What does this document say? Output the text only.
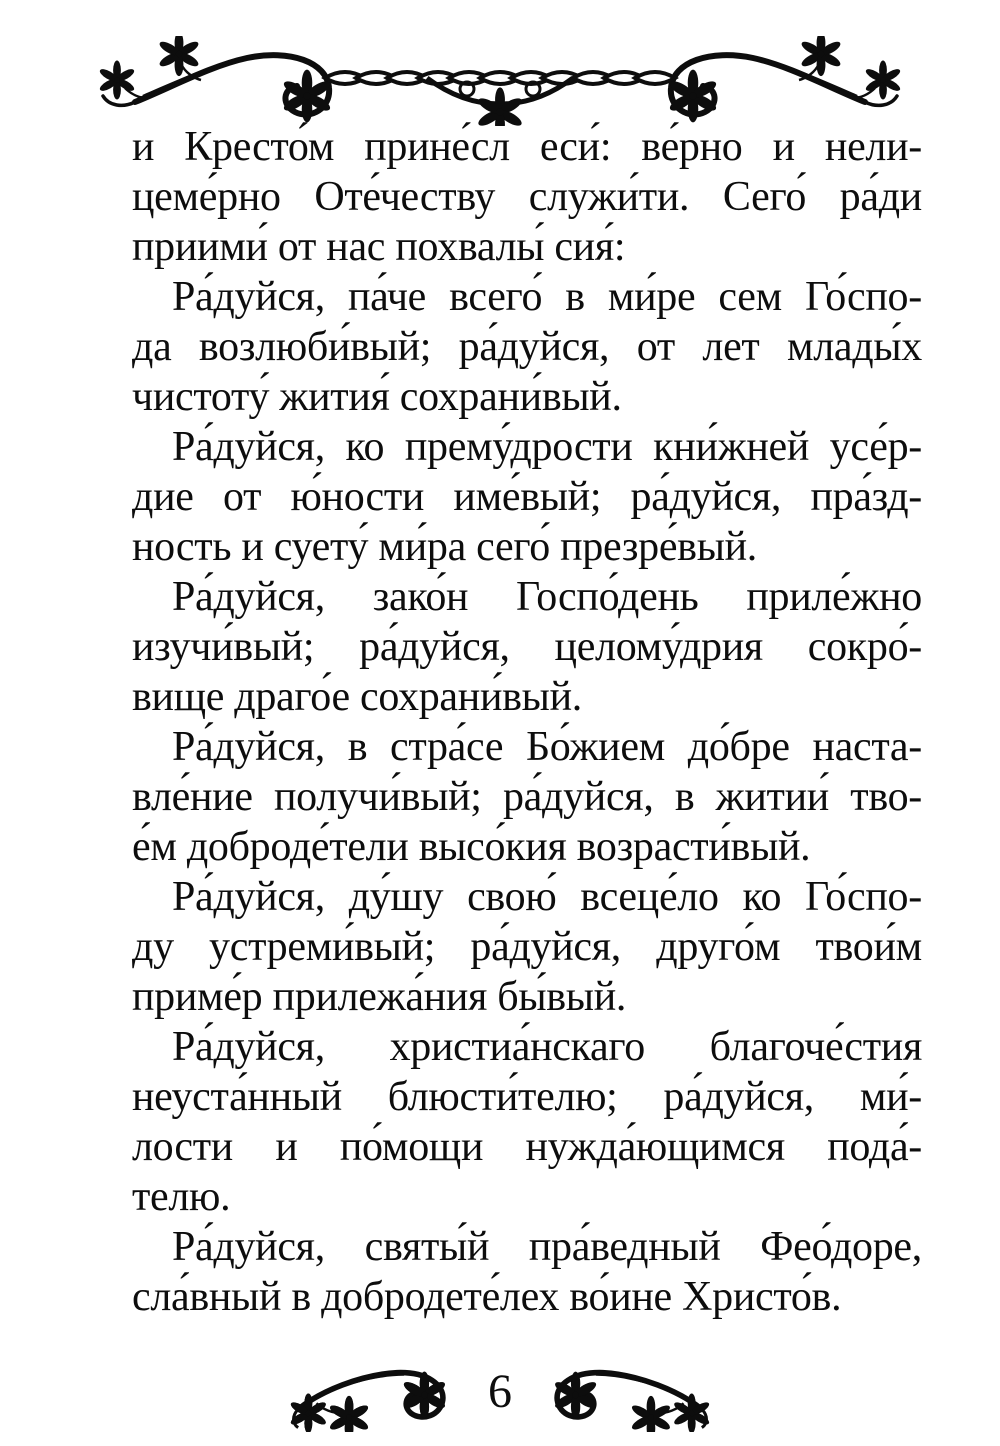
и Кресто́м прине́сл еси́: ве́рно и нели-
цеме́рно Оте́честву служи́ти. Сего́ ра́ди
приими́ от нас похвалы́ сия́:
Ра́дуйся, па́че всего́ в ми́ре сем Го́спо-
да возлюби́вый; ра́дуйся, от лет млады́х
чистоту́ жития́ сохрани́вый.
Ра́дуйся, ко прему́дрости кни́жней усе́р-
дие от ю́ности име́вый; ра́дуйся, пра́зд-
ность и суету́ ми́ра сего́ презре́вый.
Ра́дуйся, зако́н Госпо́день приле́жно
изучи́вый; ра́дуйся, целому́дрия сокро́-
вище драго́е сохрани́вый.
Ра́дуйся, в стра́се Бо́жием до́бре наста-
вле́ние получи́вый; ра́дуйся, в житии́ тво-
е́м доброде́тели высо́кия возрасти́вый.
Ра́дуйся, ду́шу свою́ всеце́ло ко Го́спо-
ду устреми́вый; ра́дуйся, друго́м твои́м
приме́р прилежа́ния бы́вый.
Ра́дуйся, христиа́нскаго благоче́стия
неуста́нный блюсти́телю; ра́дуйся, ми́-
лости и по́мощи нужда́ющимся пода́-
телю.
Ра́дуйся, святы́й пра́ведный Фео́доре,
сла́вный в добродете́лех во́ине Христо́в.
6
